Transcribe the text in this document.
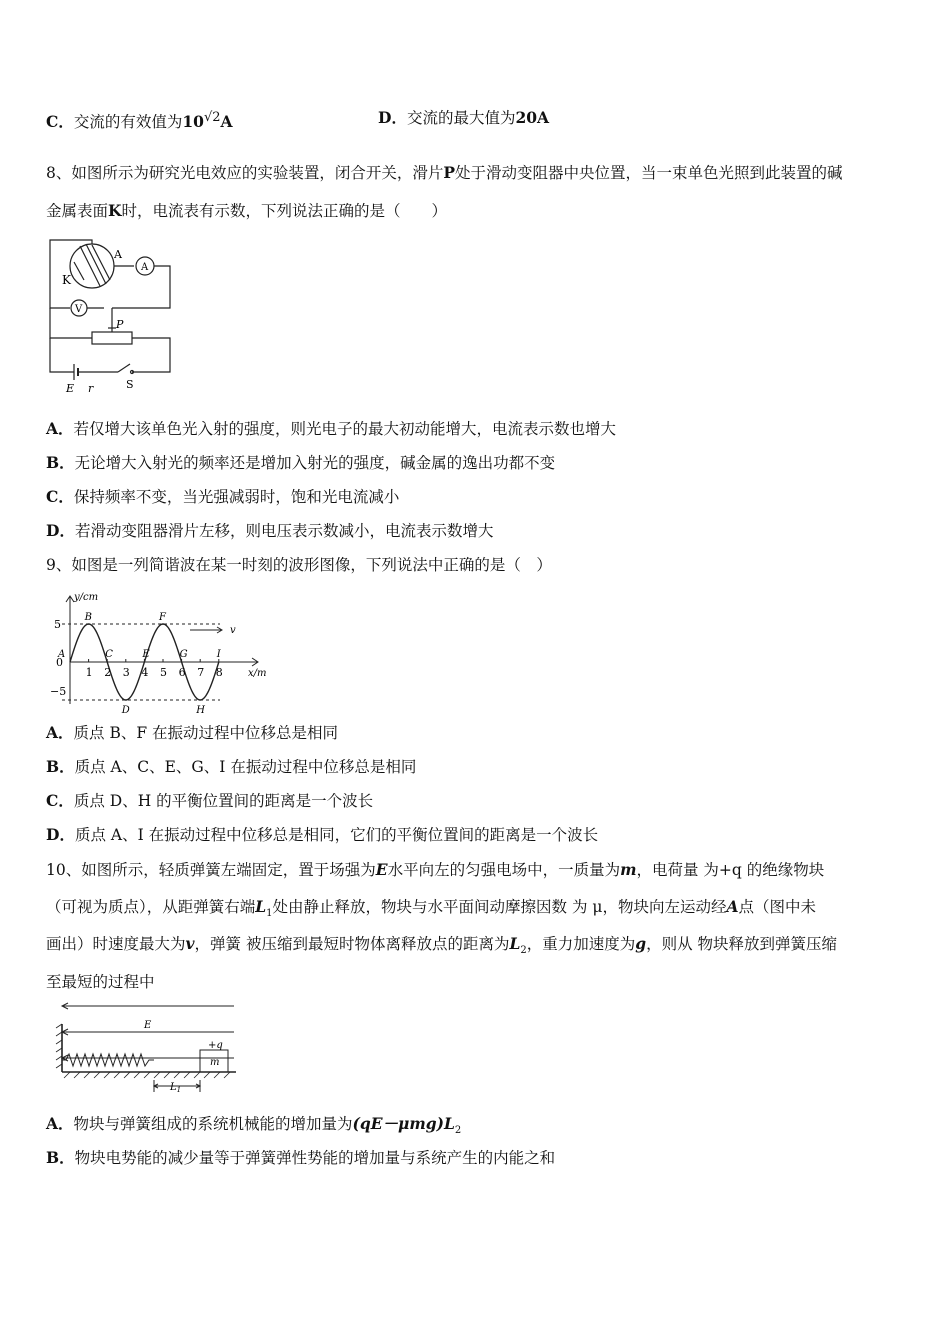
C．交流的有效值为$10^{√2}A$	D．交流的最大值为20A
8、如图所示为研究光电效应的实验装置，闭合开关，滑片P处于滑动变阻器中央位置，当一束单色光照到此装置的碱
金属表面K时，电流表有示数，下列说法正确的是（　　）
K
A
A
V
P
E r	S
A．若仅增大该单色光入射的强度，则光电子的最大初动能增大，电流表示数也增大
B．无论增大入射光的频率还是增加入射光的强度，碱金属的逸出功都不变
C．保持频率不变，当光强减弱时，饱和光电流减小
D．若滑动变阻器滑片左移，则电压表示数减小，电流表示数增大
9、如图是一列简谐波在某一时刻的波形图像，下列说法中正确的是（　）
y/cm
x/m
5
0
−5
v
1 2 3 4 5 6 7 8
A
B
C
D
E
F
G
H
I
A．质点 B、F 在振动过程中位移总是相同
B．质点 A、C、E、G、I 在振动过程中位移总是相同
C．质点 D、H 的平衡位置间的距离是一个波长
D．质点 A、I 在振动过程中位移总是相同，它们的平衡位置间的距离是一个波长
10、如图所示，轻质弹簧左端固定，置于场强为E水平向左的匀强电场中，一质量为m，电荷量 为+q 的绝缘物块
（可视为质点），从距弹簧右端$L_1$处由静止释放，物块与水平面间动摩擦因数 为 μ，物块向左运动经A点（图中未
画出）时速度最大为v，弹簧 被压缩到最短时物体离释放点的距离为$L_2$，重力加速度为g，则从 物块释放到弹簧压缩
至最短的过程中
E
+q
m
$L_1$
A．物块与弹簧组成的系统机械能的增加量为$(qE-\mu mg)L_2$
B．物块电势能的减少量等于弹簧弹性势能的增加量与系统产生的内能之和
